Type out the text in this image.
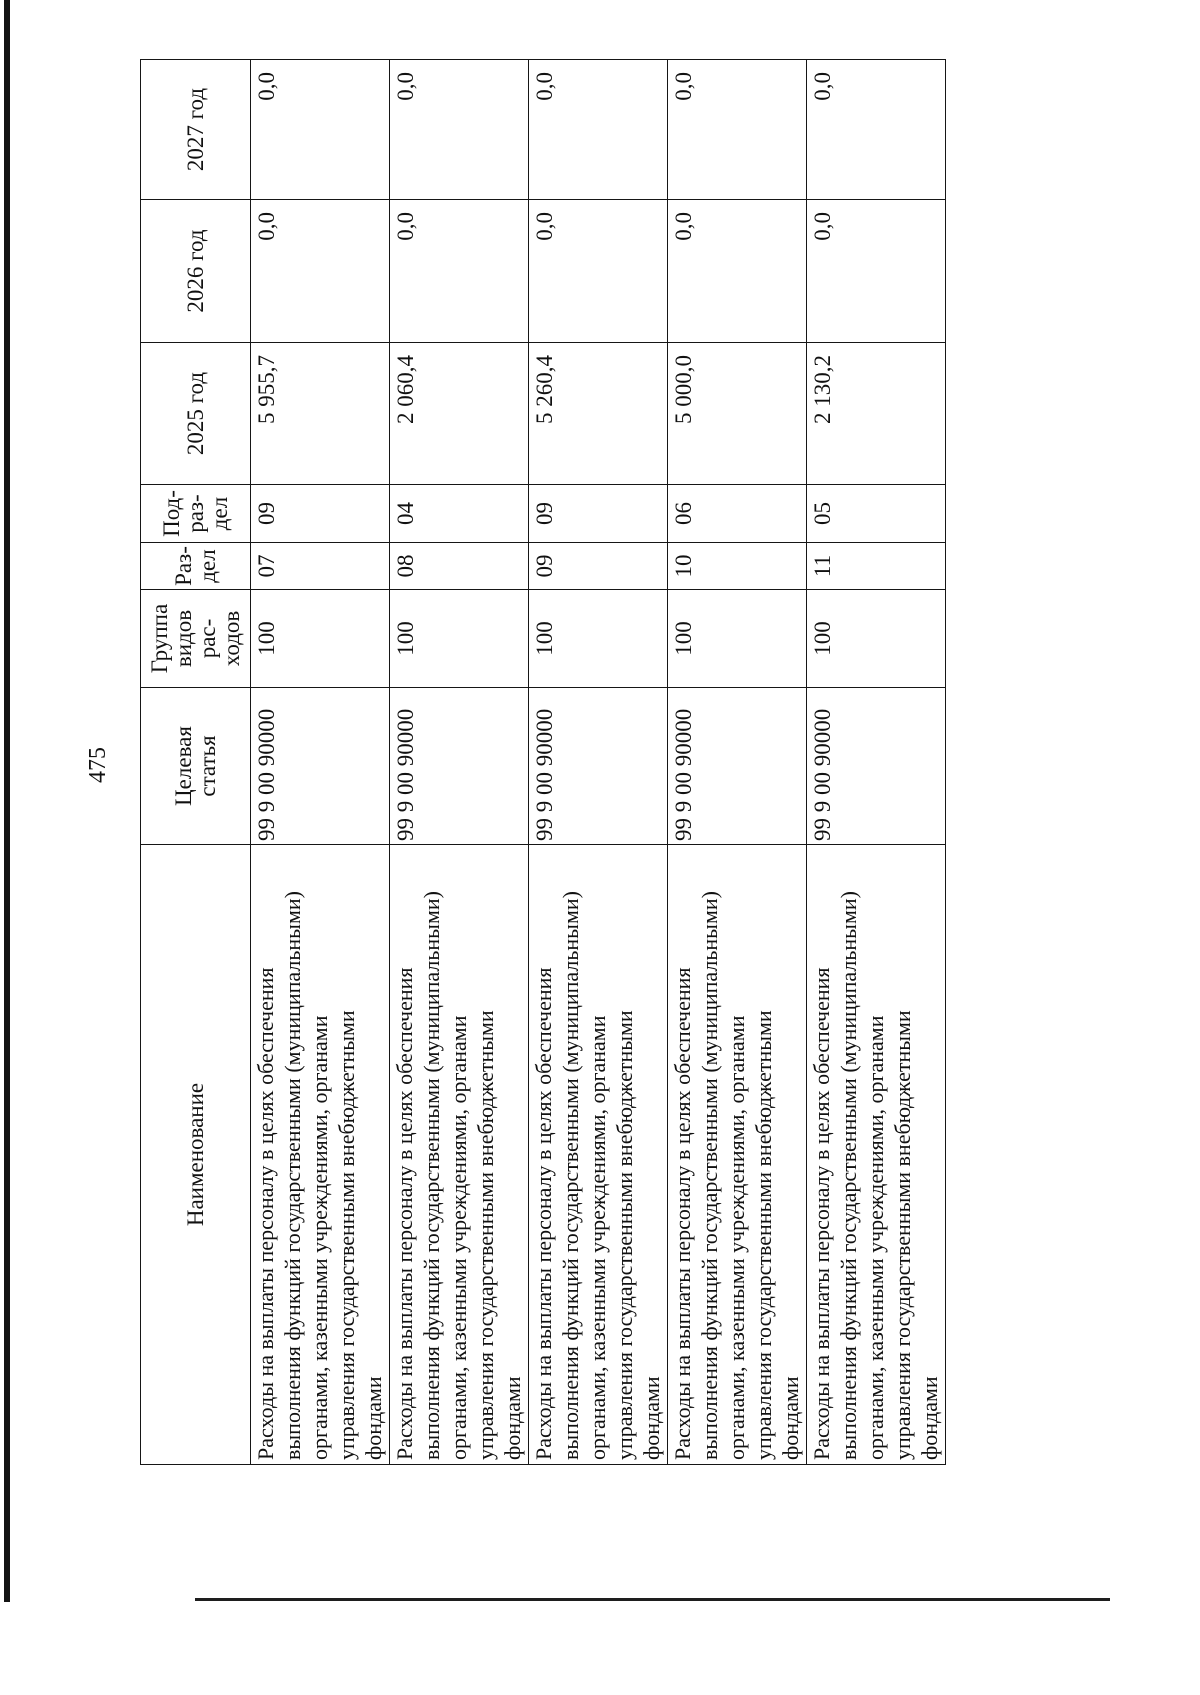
475
Наименование	Целевая
статья	Группа
видов
рас-
ходов	Раз-
дел	Под-
раз-
дел	2025 год	2026 год	2027 год
Расходы на выплаты персоналу в целях обеспечения
выполнения функций государственными (муниципальными)
органами, казенными учреждениями, органами
управления государственными внебюджетными
фондами	99 9 00 90000	100	07	09	5 955,7	0,0	0,0
Расходы на выплаты персоналу в целях обеспечения
выполнения функций государственными (муниципальными)
органами, казенными учреждениями, органами
управления государственными внебюджетными
фондами	99 9 00 90000	100	08	04	2 060,4	0,0	0,0
Расходы на выплаты персоналу в целях обеспечения
выполнения функций государственными (муниципальными)
органами, казенными учреждениями, органами
управления государственными внебюджетными
фондами	99 9 00 90000	100	09	09	5 260,4	0,0	0,0
Расходы на выплаты персоналу в целях обеспечения
выполнения функций государственными (муниципальными)
органами, казенными учреждениями, органами
управления государственными внебюджетными
фондами	99 9 00 90000	100	10	06	5 000,0	0,0	0,0
Расходы на выплаты персоналу в целях обеспечения
выполнения функций государственными (муниципальными)
органами, казенными учреждениями, органами
управления государственными внебюджетными
фондами	99 9 00 90000	100	11	05	2 130,2	0,0	0,0
